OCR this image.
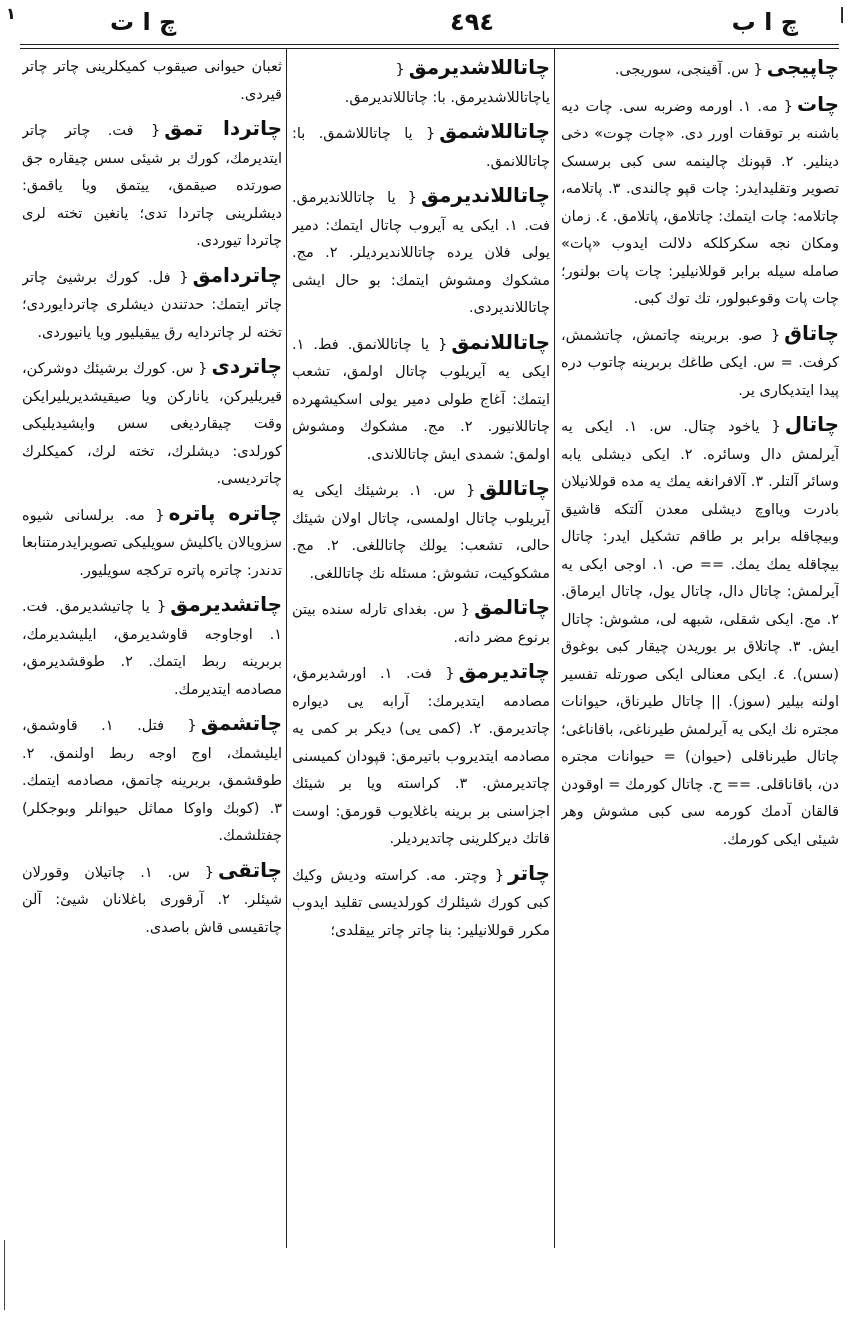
١	|
چ ا ب
٤٩٤
چ ا ت
چاپیجی{ س. آقینجی، سوریجی.
چات{ مه. ۱. اورمه وضربه سی. چات دیه باشنه بر توقفات اورر دی. «چات چوت» دخی دینلیر. ۲. قپونك چالینمه سی کبی برسسک تصویر وتقلیدایدر: چات قپو چالندی. ۳. پاتلامه، چاتلامه: چات ایتمك: چاتلامق، پاتلامق. ٤. زمان ومكان نجه سکرکلکه دلالت ایدوب «پات» صامله سیله برابر قوللانیلیر: چات پات بولنور؛ چات پات وقوعبولور، تك توك کبی.
چاتاق{ صو. بربرینه چاتمش، چاتشمش، کرفت. = س. ایکی طاغك بربرینه چاتوب دره پیدا ایتدیکاری یر.
چاتال{ یاخود چتال. س. ۱. ایکی یه آیرلمش دال وسائره. ۲. ایکی دیشلی یابه وسائر آلتلر. ۳. آلافرانغه یمك یه مده قوللانیلان بادرت ویااوچ دیشلی معدن آلتکه قاشیق وبیچاقله برابر بر طاقم تشکیل ایدر: چاتال بیچاقله یمك یمك. == ص. ۱. اوجی ایکی یه آیرلمش: چاتال دال، چاتال یول، چاتال ایرماق. ۲. مج. ایکی شقلی، شبهه لی، مشوش: چاتال ایش. ۳. چاتلاق بر بوریدن چیقار کبی بوغوق (سس). ٤. ایکی معنالی ایکی صورتله تفسیر اولنه بیلیر (سوز). || چاتال طیرناق، حیوانات مجتره نك ایکی یه آیرلمش طیرناغی، باقاناغی؛ چاتال طیرناقلی (حیوان) = حیوانات مجتره دن، باقاناقلی. == ح. چاتال کورمك = اوقودن قالقان آدمك کورمه سی کبی مشوش وهر شیئی ایکی کورمك.
چاتاللاشدیرمق{ یاچاتاللاشدیرمق. با: چاتاللاندیرمق.
چاتاللاشمق{ یا چاتاللاشمق. با: چاتاللانمق.
چاتاللاندیرمق{ یا چاتاللاندیرمق. فت. ۱. ایکی یه آیروب چاتال ایتمك: دمیر یولی فلان یرده چاتاللاندیردیلر. ۲. مج. مشکوك ومشوش ایتمك: بو حال ایشی چاتاللاندیردی.
چاتاللانمق{ یا چاتاللانمق. فط. ۱. ایکی یه آیریلوب چاتال اولمق، تشعب ایتمك: آغاج طولی دمیر یولی اسکیشهرده چاتاللانیور. ۲. مج. مشکوك ومشوش اولمق: شمدی ایش چاتاللاندی.
چاتاللق{ س. ۱. برشیئك ایکی یه آیریلوب چاتال اولمسی، چاتال اولان شیئك حالی، تشعب: یولك چاتاللغی. ۲. مج. مشکوکیت، تشوش: مسئله نك چاتاللغی.
چاتالمق{ س. بغدای تارله سنده بیتن برنوع مضر دانه.
چاتدیرمق{ فت. ۱. اورشدیرمق، مصادمه ایتدیرمك: آرابه یی دیواره چاتدیرمق. ۲. (کمی یی) دیکر بر کمی یه مصادمه ایتدیروب باتیرمق: قپودان کمیسنی چاتدیرمش. ۳. کراسته ویا بر شیئك اجزاسنی بر برینه باغلایوب قورمق: اوست قاتك دیرکلرینی چاتدیردیلر.
چاتر{ وچتر. مه. کراسته ودیش وکیك کبی کورك شیئلرك کورلدیسی تقلید ایدوب مکرر قوللانیلیر: بنا چاتر چاتر ییقلدی؛
ثعبان حیوانی صیقوب کمیکلرینی چاتر چاتر قیردی.
چاتردا تمق{ فت. چاتر چاتر ایتدیرمك، کورك بر شیئی سس چیقاره جق صورتده صیقمق، ییتمق ویا یاقمق: دیشلرینی چاتردا تدی؛ یانغین تخته لری چاتردا تیوردی.
چاتردامق{ فل. کورك برشیئ چاتر چاتر ایتمك: حدتندن دیشلری چاتردایوردی؛ تخته لر چاتردایه رق ییقیلیور ویا یانیوردی.
چاتردی{ س. کورك برشیئك دوشرکن، قیریلیرکن، یانارکن ویا صیقیشدیریلیرایکن وقت چیقاردیغی سس وایشیدیلیکی کورلدی: دیشلرك، تخته لرك، کمیکلرك چاتردیسی.
چاتره پاتره{ مه. برلسانی شیوه سزویالان یاکلیش سویلیکی تصویرایدرمتنابعا تدندر: چاتره پاتره ترکجه سویلیور.
چاتشدیرمق{ یا چاتیشدیرمق. فت. ۱. اوجاوجه قاوشدیرمق، ایلیشدیرمك، بربرینه ربط ایتمك. ۲. طوقشدیرمق، مصادمه ایتدیرمك.
چاتشمق{ فتل. ۱. قاوشمق، ایلیشمك، اوج اوجه ربط اولنمق. ۲. طوقشمق، بربرینه چاتمق، مصادمه ایتمك. ۳. (کوبك واوکا مماثل حیوانلر وبوجکلر) چفتلشمك.
چاتقی{ س. ۱. چاتیلان وقورلان شیئلر. ۲. آرقوری باغلانان شیئ: آلن چاتقیسی قاش باصدی.
